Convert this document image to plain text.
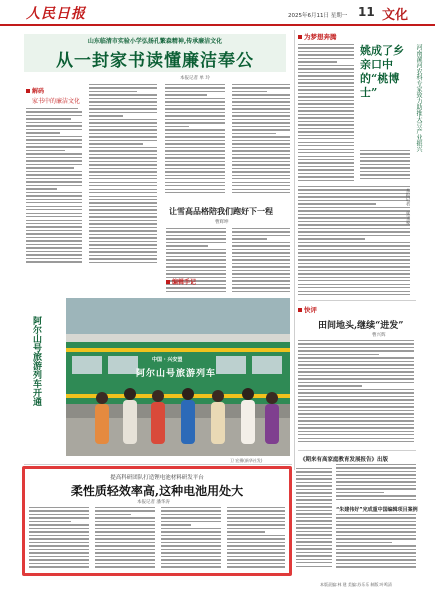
人民日报	2025年6月11日 星期一 11 文化
山东临清市实验小学弘扬孔繁森精神,传承廉洁文化
从一封家书读懂廉洁奉公
本报记者 单 玲
解码
家书中的廉洁文化
让雪高品格陪我们跑好下一程
曹辉坤
编辑手记
阿尔山号旅游列车开通	中国 · 兴安盟
阿尔山号旅游列车
卫 宏摄(新华社发)
提高科研团队打造锂电池材料研发平台
柔性质轻效率高,这种电池用处大
本报记者 潘华涛
为梦想奔腾
河南漯河农科专家致力助推大豆产业振兴
姚成了乡亲口中的“桃博士”
本报记者 张文豪
快评
田间地头,继续“进发”
曹兴辉
《期来有高家庭教育发展报告》出版
“朱建伟好”完成重中国编辑项目案例
本版责编:林 建 美编:苏乐乐 制版:叶鸣清
